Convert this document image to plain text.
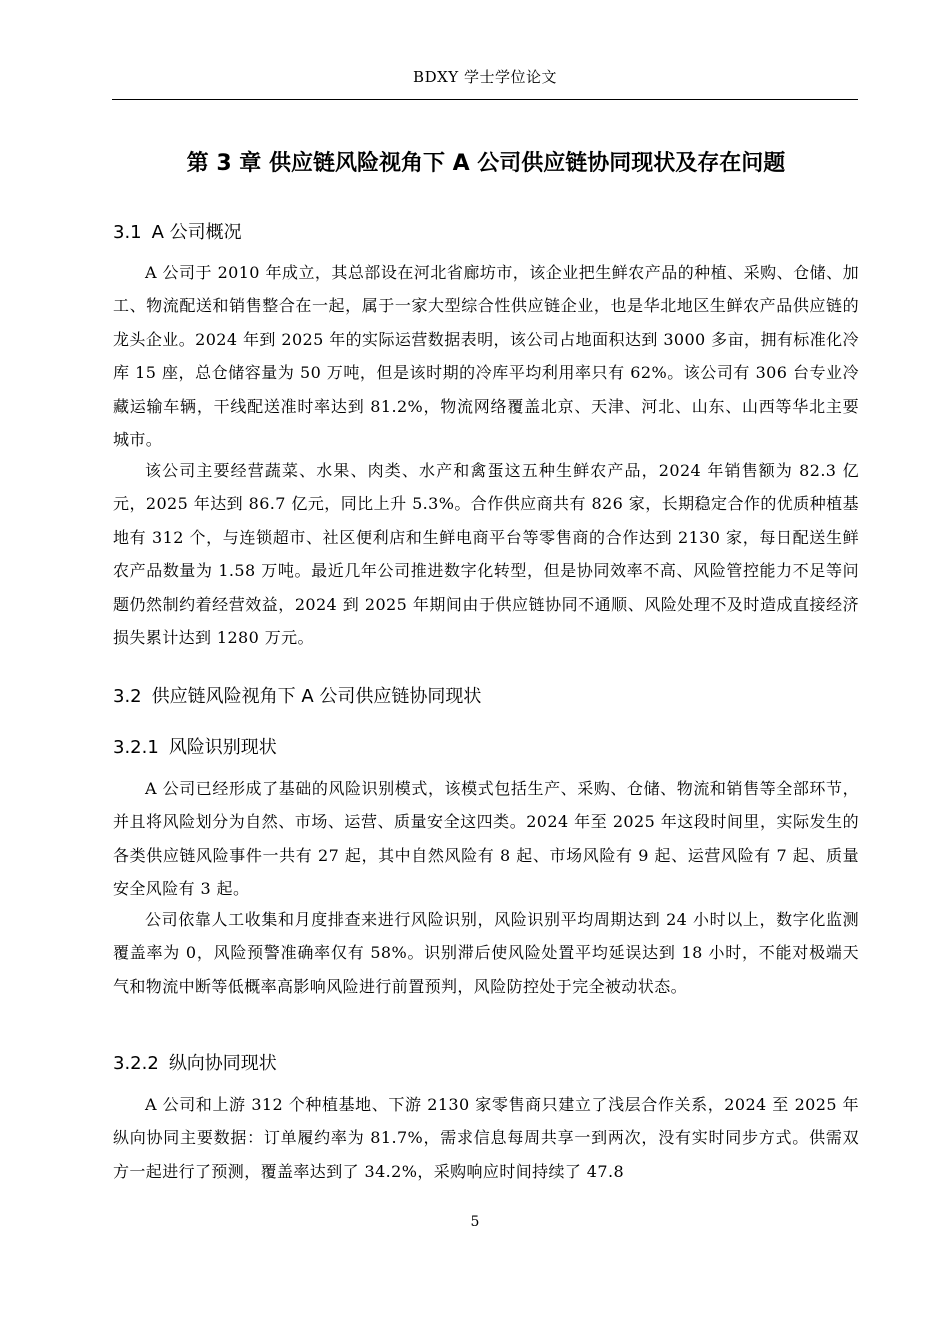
BDXY 学士学位论文
第 3 章 供应链风险视角下 A 公司供应链协同现状及存在问题
3.1 A 公司概况

A 公司于 2010 年成立，其总部设在河北省廊坊市，该企业把生鲜农产品的种植、采购、仓储、加工、物流配送和销售整合在一起，属于一家大型综合性供应链企业，也是华北地区生鲜农产品供应链的龙头企业。2024 年到 2025 年的实际运营数据表明，该公司占地面积达到 3000 多亩，拥有标准化冷库 15 座，总仓储容量为 50 万吨，但是该时期的冷库平均利用率只有 62%。该公司有 306 台专业冷藏运输车辆，干线配送准时率达到 81.2%，物流网络覆盖北京、天津、河北、山东、山西等华北主要城市。

该公司主要经营蔬菜、水果、肉类、水产和禽蛋这五种生鲜农产品，2024 年销售额为 82.3 亿元，2025 年达到 86.7 亿元，同比上升 5.3%。合作供应商共有 826 家，长期稳定合作的优质种植基地有 312 个，与连锁超市、社区便利店和生鲜电商平台等零售商的合作达到 2130 家，每日配送生鲜农产品数量为 1.58 万吨。最近几年公司推进数字化转型，但是协同效率不高、风险管控能力不足等问题仍然制约着经营效益，2024 到 2025 年期间由于供应链协同不通顺、风险处理不及时造成直接经济损失累计达到 1280 万元。

3.2 供应链风险视角下 A 公司供应链协同现状
3.2.1 风险识别现状

A 公司已经形成了基础的风险识别模式，该模式包括生产、采购、仓储、物流和销售等全部环节，并且将风险划分为自然、市场、运营、质量安全这四类。2024 年至 2025 年这段时间里，实际发生的各类供应链风险事件一共有 27 起，其中自然风险有 8 起、市场风险有 9 起、运营风险有 7 起、质量安全风险有 3 起。

公司依靠人工收集和月度排查来进行风险识别，风险识别平均周期达到 24 小时以上，数字化监测覆盖率为 0，风险预警准确率仅有 58%。识别滞后使风险处置平均延误达到 18 小时，不能对极端天气和物流中断等低概率高影响风险进行前置预判，风险防控处于完全被动状态。

3.2.2 纵向协同现状

A 公司和上游 312 个种植基地、下游 2130 家零售商只建立了浅层合作关系，2024 至 2025 年纵向协同主要数据：订单履约率为 81.7%，需求信息每周共享一到两次，没有实时同步方式。供需双方一起进行了预测，覆盖率达到了 34.2%，采购响应时间持续了 47.8

5
